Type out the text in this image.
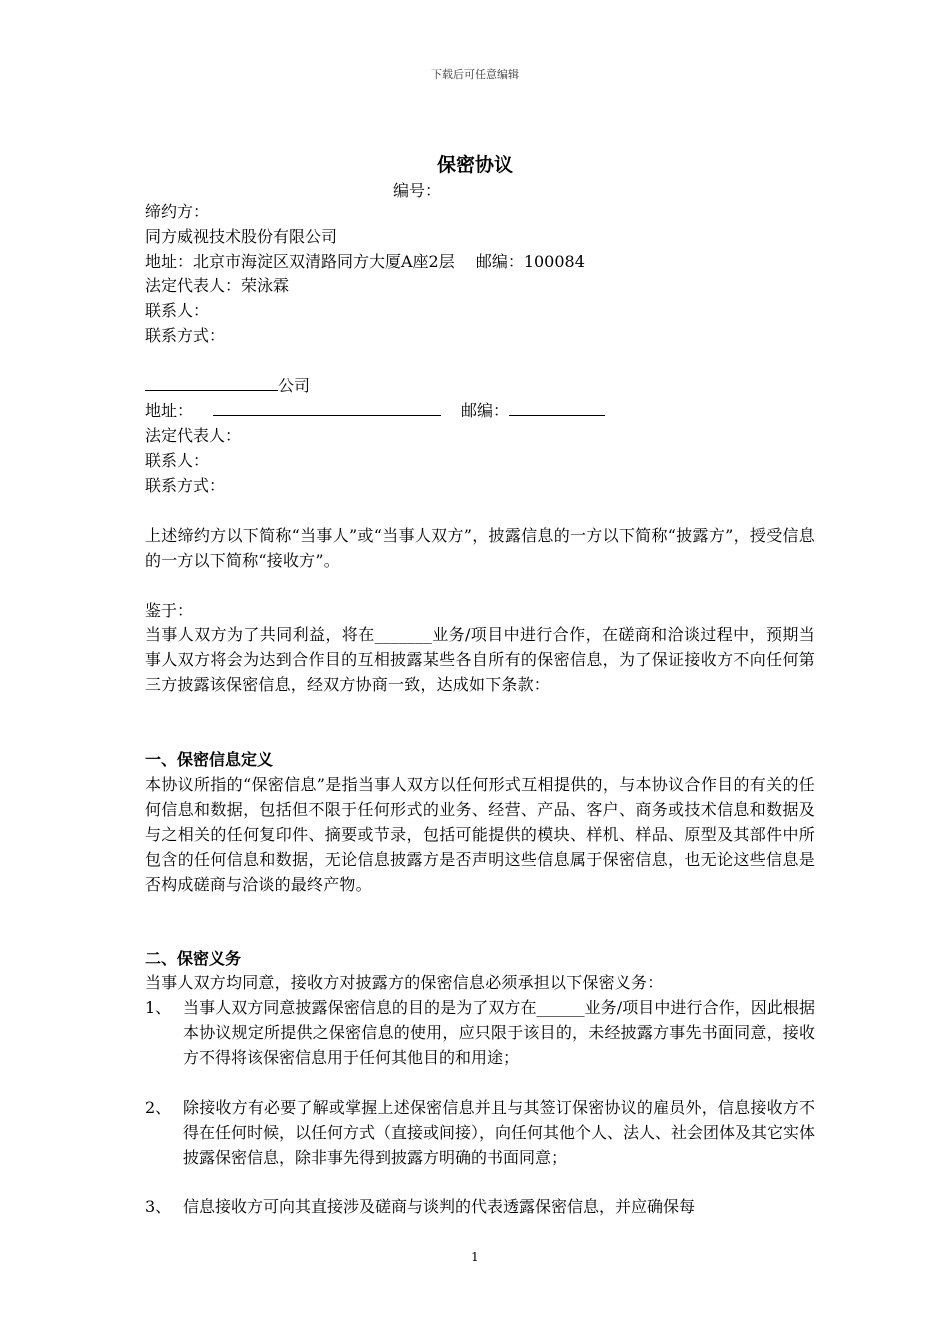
下载后可任意编辑
保密协议
编号：
缔约方：
同方威视技术股份有限公司
地址：北京市海淀区双清路同方大厦A座2层　 邮编：100084
法定代表人：荣泳霖
联系人：
联系方式：
公司
地址：	邮编：
法定代表人：
联系人：
联系方式：
上述缔约方以下简称“当事人”或“当事人双方”，披露信息的一方以下简称“披露方”，授受信息的一方以下简称“接收方”。
鉴于：
当事人双方为了共同利益，将在_______业务/项目中进行合作，在磋商和洽谈过程中，预期当事人双方将会为达到合作目的互相披露某些各自所有的保密信息，为了保证接收方不向任何第三方披露该保密信息，经双方协商一致，达成如下条款：
一、保密信息定义
本协议所指的“保密信息”是指当事人双方以任何形式互相提供的，与本协议合作目的有关的任何信息和数据，包括但不限于任何形式的业务、经营、产品、客户、商务或技术信息和数据及与之相关的任何复印件、摘要或节录，包括可能提供的模块、样机、样品、原型及其部件中所包含的任何信息和数据，无论信息披露方是否声明这些信息属于保密信息，也无论这些信息是否构成磋商与洽谈的最终产物。
二、保密义务
当事人双方均同意，接收方对披露方的保密信息必须承担以下保密义务：
1、 当事人双方同意披露保密信息的目的是为了双方在______业务/项目中进行合作，因此根据本协议规定所提供之保密信息的使用，应只限于该目的，未经披露方事先书面同意，接收方不得将该保密信息用于任何其他目的和用途；
2、 除接收方有必要了解或掌握上述保密信息并且与其签订保密协议的雇员外，信息接收方不得在任何时候，以任何方式（直接或间接），向任何其他个人、法人、社会团体及其它实体披露保密信息，除非事先得到披露方明确的书面同意；
3、 信息接收方可向其直接涉及磋商与谈判的代表透露保密信息，并应确保每
1
